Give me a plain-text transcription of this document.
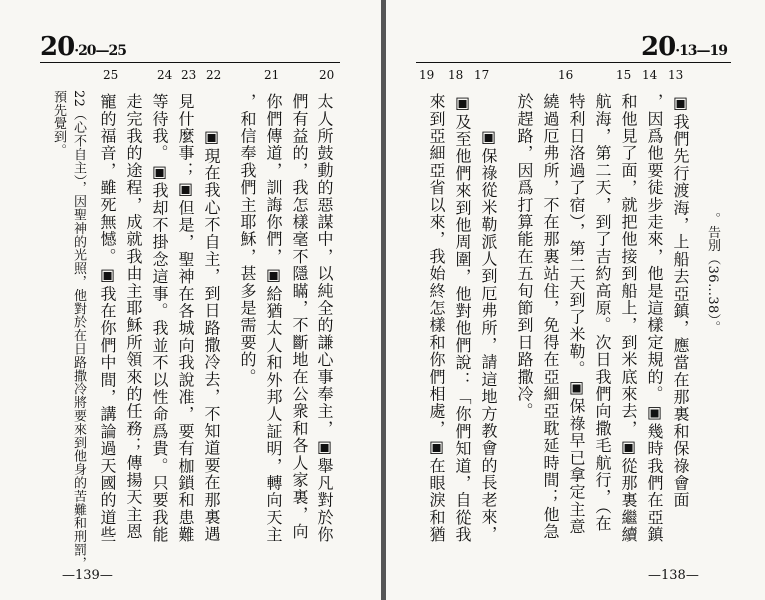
20·20—25
25	24 23 22	21	20
太人所鼓動的惡謀中，以純全的謙心事奉主，▣舉凡對於你
們有益的，我怎樣毫不隱瞞，不斷地在公衆和各人家裏，向
你們傳道，訓誨你們，▣給猶太人和外邦人証明，轉向天主
，和信奉我們主耶穌，甚多是需要的。
▣現在我心不自主，到日路撒冷去，不知道要在那裏遇
見什麼事；▣但是，聖神在各城向我說准，要有枷鎖和患難
等待我。▣我却不掛念這事。我並不以性命爲貴。只要我能
走完我的途程，成就我由主耶穌所領來的任務；傳揚天主恩
寵的福音，雖死無憾。▣我在你們中間，講論過天國的道些
22（心不自主），因聖神的光照，他對於在日路撒冷將要來到他身的苦難和刑罰，
預先覺到。
—139—
20·13—19
19 18 17	16	15 14 13
。告別（36…38）。
▣我們先行渡海，上船去亞鎮，應當在那裏和保祿會面
，因爲他要徒步走來，他是這樣定規的。▣幾時我們在亞鎮
和他見了面，就把他接到船上，到米底來去，▣從那裏繼續
航海，第二天，到了吉約高原。次日我們向撒毛航行，（在
特利日洛過了宿），第二天到了米勒。▣保祿早已拿定主意
繞過厄弗所，不在那裏站住，免得在亞細亞耽延時間；他急
於趕路，因爲打算能在五旬節到日路撒冷。
▣保祿從米勒派人到厄弗所，請這地方教會的長老來，
▣及至他們來到他周圍，他對他們說：「你們知道，自從我
來到亞細亞省以來，我始終怎樣和你們相處，▣在眼淚和猶
—138—
